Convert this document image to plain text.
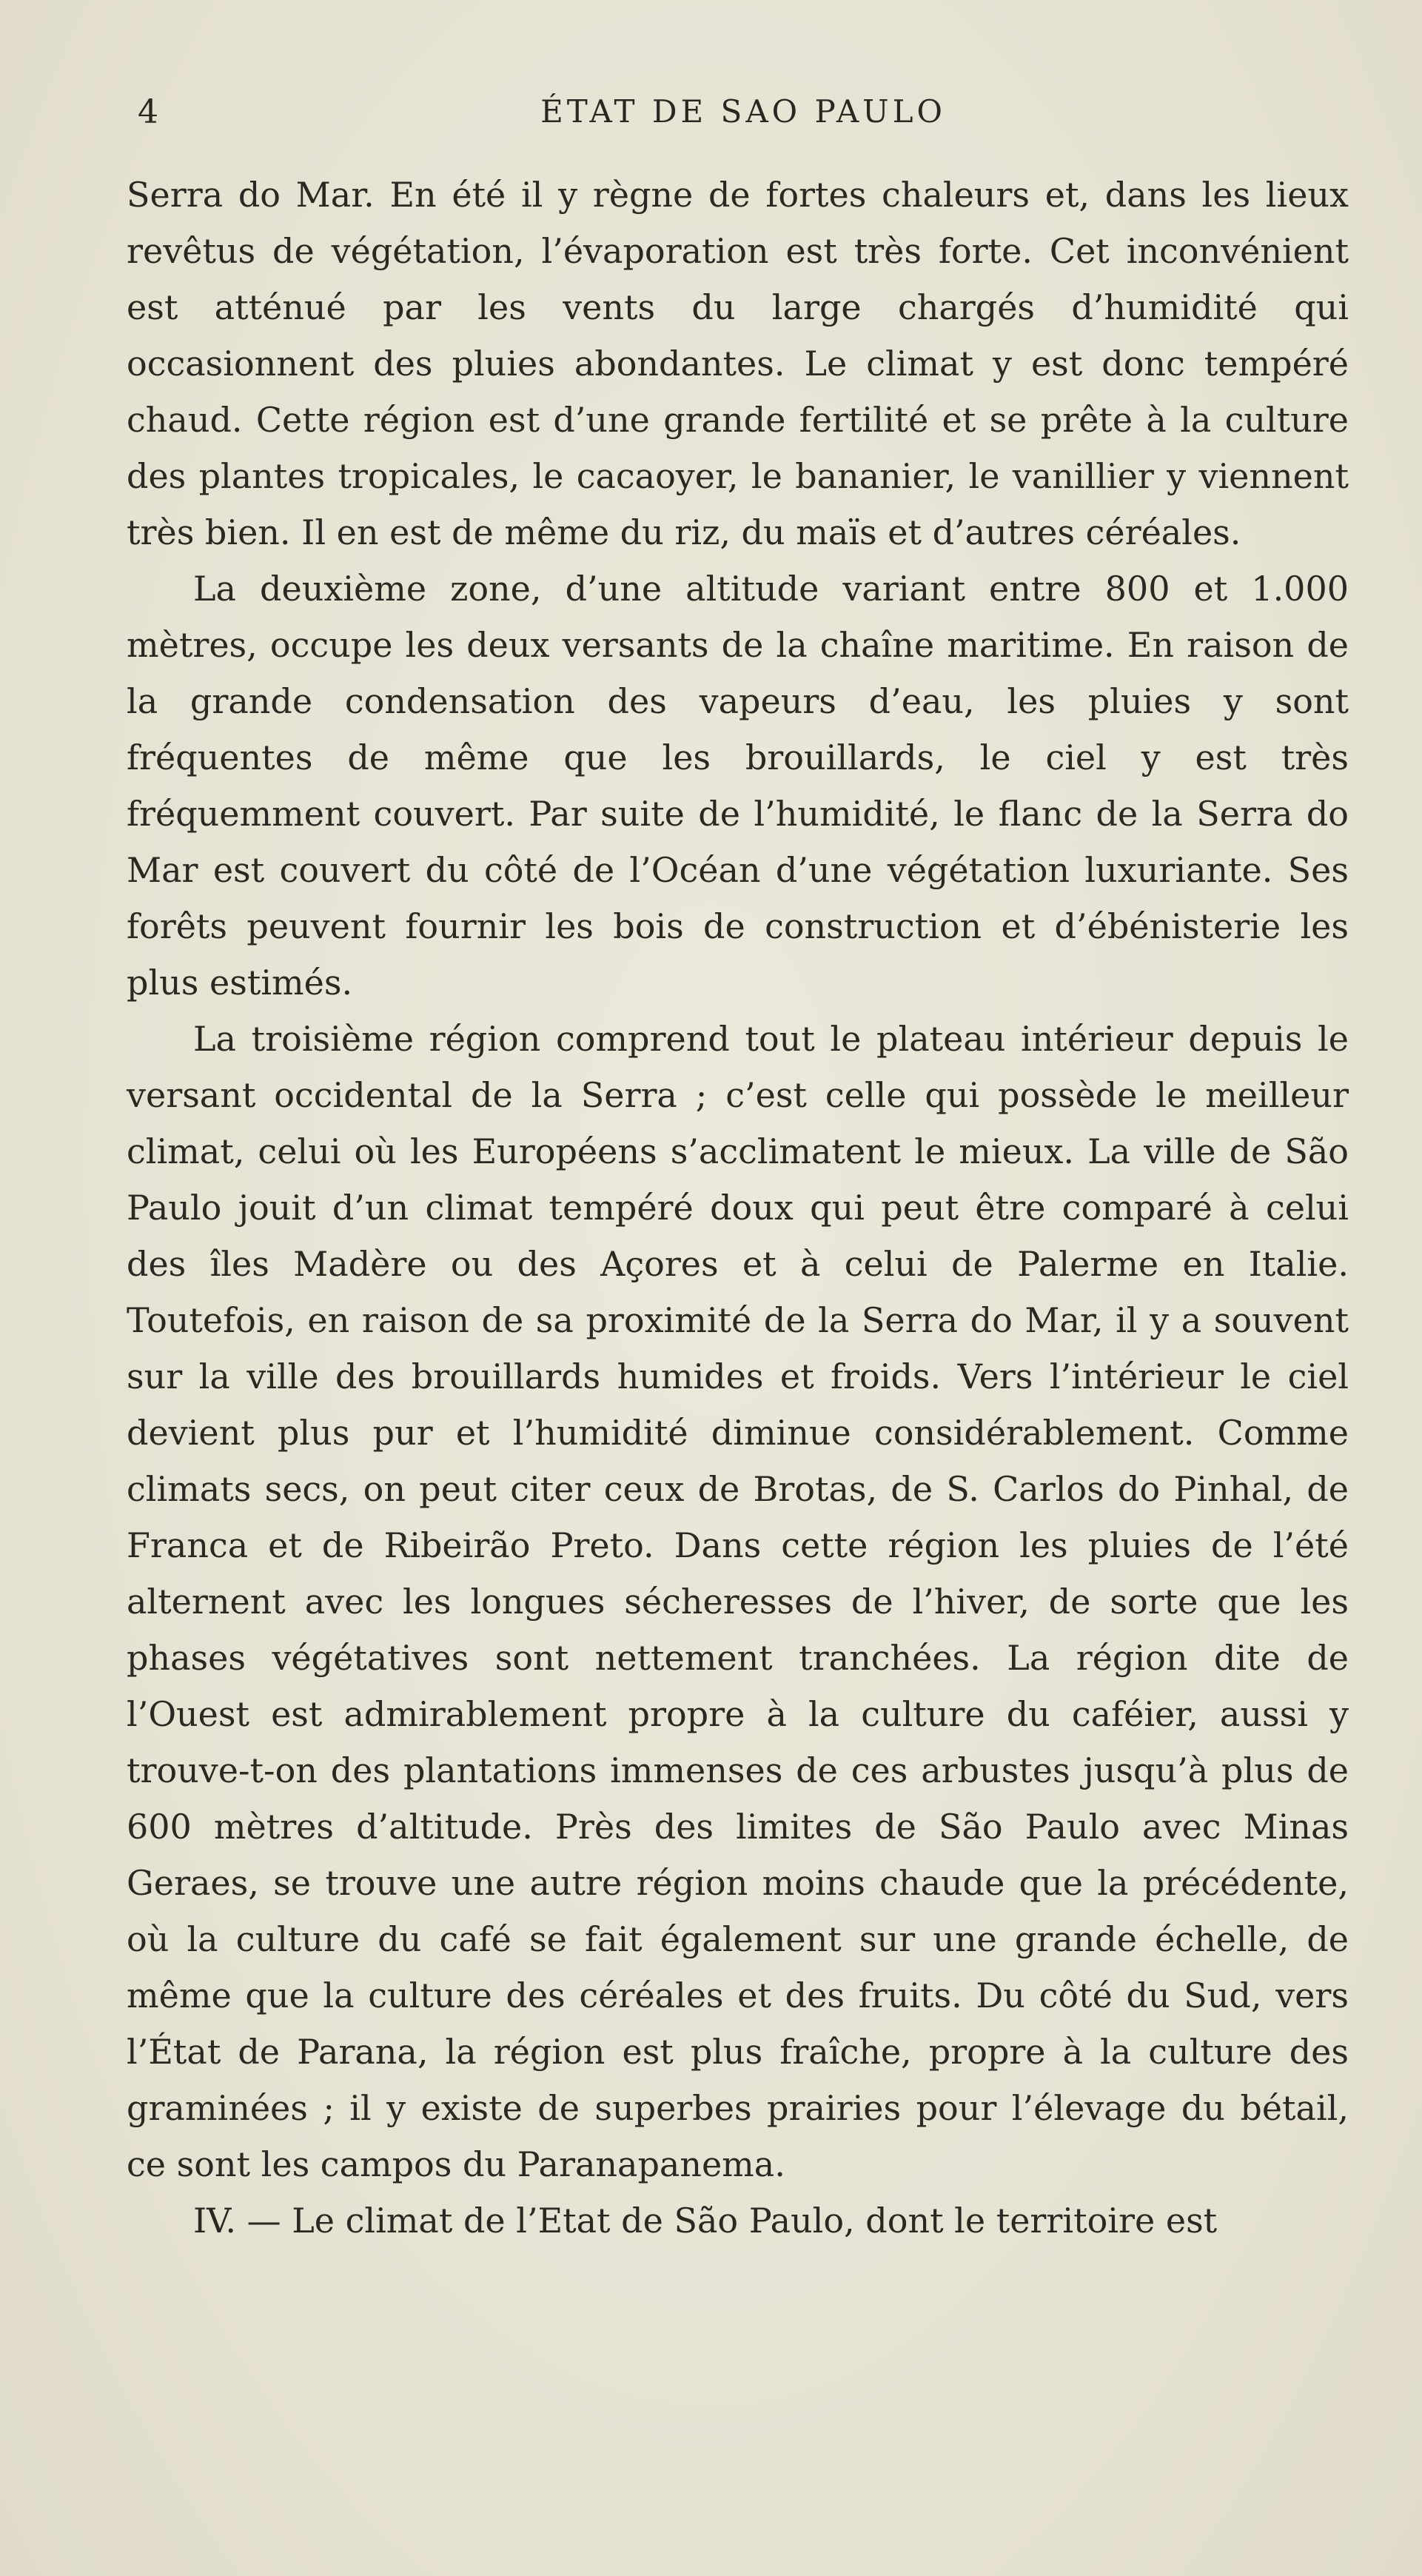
4	ÉTAT DE SAO PAULO

Serra do Mar. En été il y règne de fortes chaleurs et, dans les lieux revêtus de végétation, l’évaporation est très forte. Cet inconvénient est atténué par les vents du large chargés d’humidité qui occasionnent des pluies abondantes. Le climat y est donc tempéré chaud. Cette région est d’une grande fertilité et se prête à la culture des plantes tropicales, le cacaoyer, le bananier, le vanillier y viennent très bien. Il en est de même du riz, du maïs et d’autres céréales.

La deuxième zone, d’une altitude variant entre 800 et 1.000 mètres, occupe les deux versants de la chaîne maritime. En raison de la grande condensation des vapeurs d’eau, les pluies y sont fréquentes de même que les brouillards, le ciel y est très fréquemment couvert. Par suite de l’humidité, le flanc de la Serra do Mar est couvert du côté de l’Océan d’une végétation luxuriante. Ses forêts peuvent fournir les bois de construction et d’ébénisterie les plus estimés.

La troisième région comprend tout le plateau intérieur depuis le versant occidental de la Serra ; c’est celle qui possède le meilleur climat, celui où les Européens s’acclimatent le mieux. La ville de São Paulo jouit d’un climat tempéré doux qui peut être comparé à celui des îles Madère ou des Açores et à celui de Palerme en Italie. Toutefois, en raison de sa proximité de la Serra do Mar, il y a souvent sur la ville des brouillards humides et froids. Vers l’intérieur le ciel devient plus pur et l’humidité diminue considérablement. Comme climats secs, on peut citer ceux de Brotas, de S. Carlos do Pinhal, de Franca et de Ribeirão Preto. Dans cette région les pluies de l’été alternent avec les longues sécheresses de l’hiver, de sorte que les phases végétatives sont nettement tranchées. La région dite de l’Ouest est admirablement propre à la culture du caféier, aussi y trouve-t-on des plantations immenses de ces arbustes jusqu’à plus de 600 mètres d’altitude. Près des limites de São Paulo avec Minas Geraes, se trouve une autre région moins chaude que la précédente, où la culture du café se fait également sur une grande échelle, de même que la culture des céréales et des fruits. Du côté du Sud, vers l’État de Parana, la région est plus fraîche, propre à la culture des graminées ; il y existe de superbes prairies pour l’élevage du bétail, ce sont les campos du Paranapanema.

IV. — Le climat de l’Etat de São Paulo, dont le territoire est
